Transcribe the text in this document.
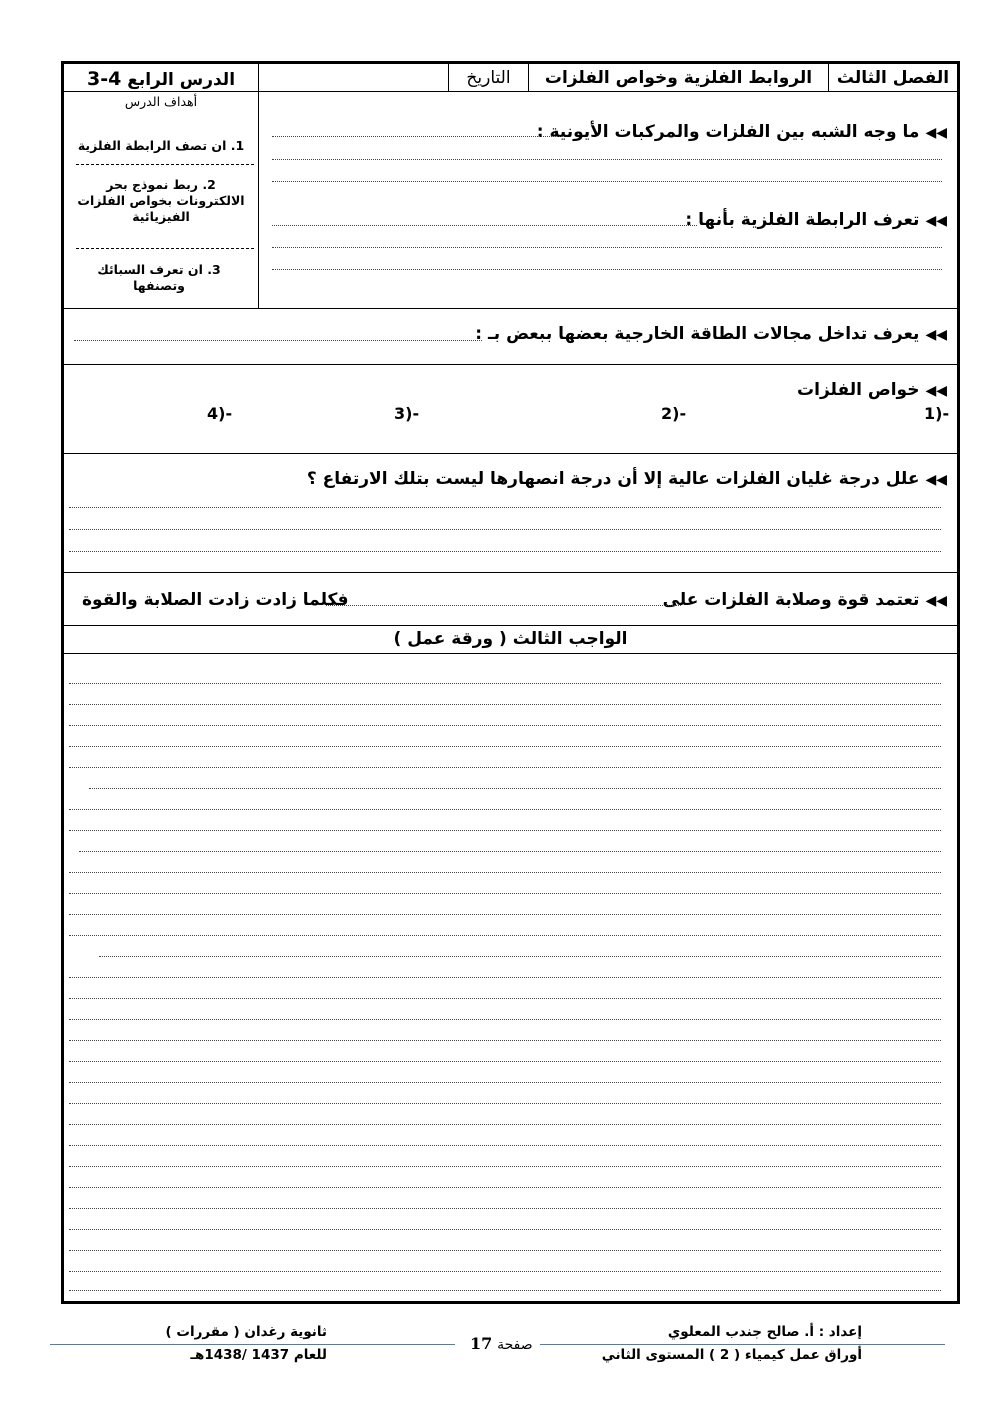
الفصل الثالث
الروابط الفلزية وخواص الفلزات
التاريخ
الدرس الرابع 3-4
أهداف الدرس
1. ان تصف الرابطة الفلزية
2. ربط نموذج بحر الالكترونات بخواص الفلزات الفيزيائية
3. ان تعرف السبائك وتصنفها
◀◀ما وجه الشبه بين الفلزات والمركبات الأيونية :
◀◀تعرف الرابطة الفلزية بأنها :
◀◀يعرف تداخل مجالات الطاقة الخارجية بعضها ببعض بـ :
◀◀خواص الفلزات
1)-
2)-
3)-
4)-
◀◀علل درجة غليان الفلزات عالية إلا أن درجة انصهارها ليست بتلك الارتفاع ؟
◀◀تعتمد قوة وصلابة الفلزات على
فكلما زادت زادت الصلابة والقوة
الواجب الثالث ( ورقة عمل )
إعداد : أ. صالح جندب المعلوي
أوراق عمل كيمياء ( 2 ) المستوى الثاني
صفحة 17
ثانوية رغدان ( مقررات )
للعام 1437 /1438هـ
